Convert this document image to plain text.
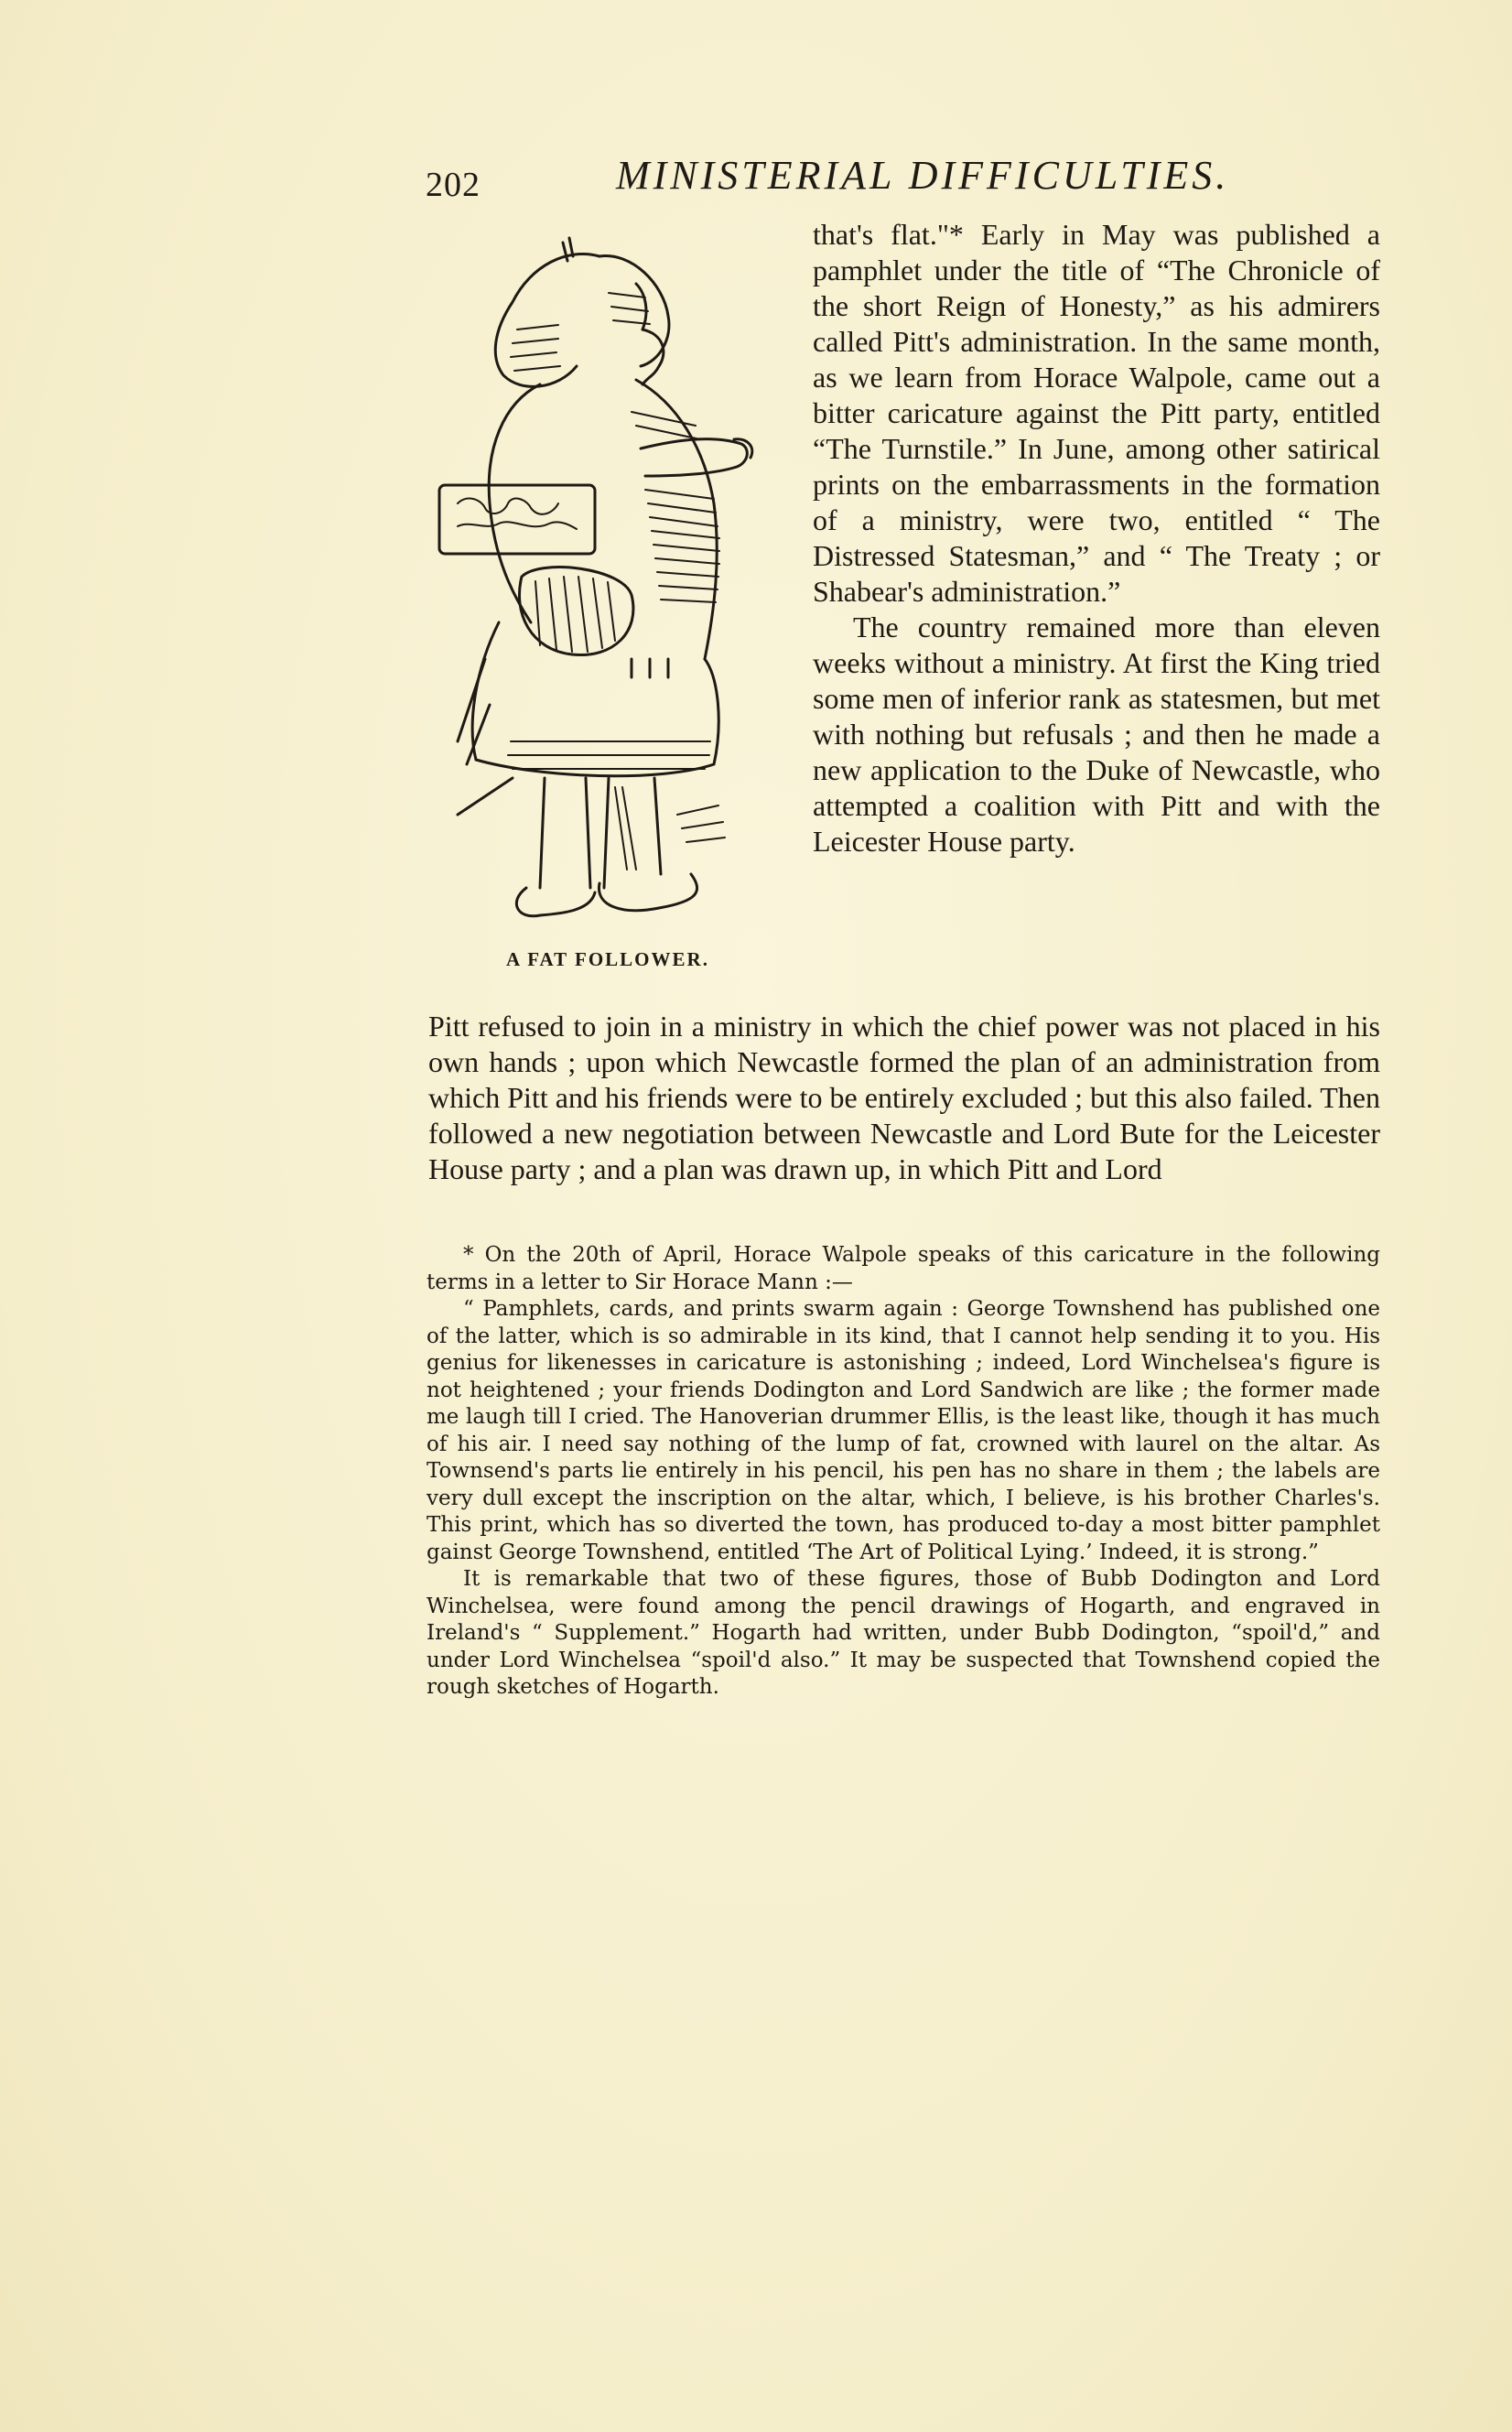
202	MINISTERIAL DIFFICULTIES.
A FAT FOLLOWER.

that's flat."* Early in May was published a pamphlet under the title of “The Chronicle of the short Reign of Honesty,” as his admirers called Pitt's administration. In the same month, as we learn from Horace Walpole, came out a bitter caricature against the Pitt party, entitled “The Turnstile.” In June, among other satirical prints on the embarrassments in the formation of a ministry, were two, entitled “ The Distressed Statesman,” and “ The Treaty ; or Shabear's administration.”

The country remained more than eleven weeks without a ministry. At first the King tried some men of inferior rank as statesmen, but met with nothing but refusals ; and then he made a new application to the Duke of Newcastle, who attempted a coalition with Pitt and with the Leicester House party.

Pitt refused to join in a ministry in which the chief power was not placed in his own hands ; upon which Newcastle formed the plan of an administration from which Pitt and his friends were to be entirely excluded ; but this also failed. Then followed a new negotiation between Newcastle and Lord Bute for the Leicester House party ; and a plan was drawn up, in which Pitt and Lord

* On the 20th of April, Horace Walpole speaks of this caricature in the following terms in a letter to Sir Horace Mann :—

“ Pamphlets, cards, and prints swarm again : George Townshend has published one of the latter, which is so admirable in its kind, that I cannot help sending it to you. His genius for likenesses in caricature is astonishing ; indeed, Lord Winchelsea's figure is not heightened ; your friends Dodington and Lord Sandwich are like ; the former made me laugh till I cried. The Hanoverian drummer Ellis, is the least like, though it has much of his air. I need say nothing of the lump of fat, crowned with laurel on the altar. As Townsend's parts lie entirely in his pencil, his pen has no share in them ; the labels are very dull except the inscription on the altar, which, I believe, is his brother Charles's. This print, which has so diverted the town, has produced to-day a most bitter pamphlet gainst George Townshend, entitled ‘The Art of Political Lying.’ Indeed, it is strong.”

It is remarkable that two of these figures, those of Bubb Dodington and Lord Winchelsea, were found among the pencil drawings of Hogarth, and engraved in Ireland's “ Supplement.” Hogarth had written, under Bubb Dodington, “spoil'd,” and under Lord Winchelsea “spoil'd also.” It may be suspected that Townshend copied the rough sketches of Hogarth.
